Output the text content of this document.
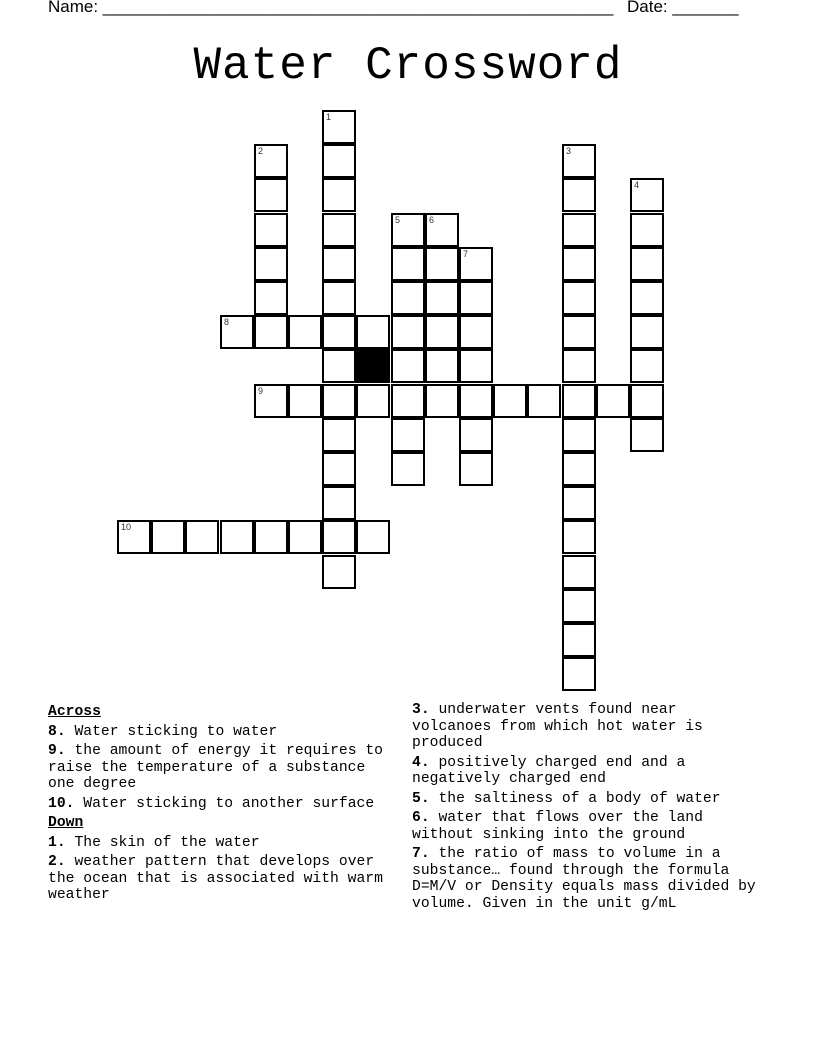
Name: ______________________________________________________ Date: _______
Water Crossword
1
2	3
4
5	6
7
8
9
10
Across
8. Water sticking to water
9. the amount of energy it requires to raise the temperature of a substance one degree
10. Water sticking to another surface
Down
1. The skin of the water
2. weather pattern that develops over the ocean that is associated with warm weather
3. underwater vents found near volcanoes from which hot water is produced
4. positively charged end and a negatively charged end
5. the saltiness of a body of water
6. water that flows over the land without sinking into the ground
7. the ratio of mass to volume in a substance… found through the formula D=M/V or Density equals mass divided by volume. Given in the unit g/mL
